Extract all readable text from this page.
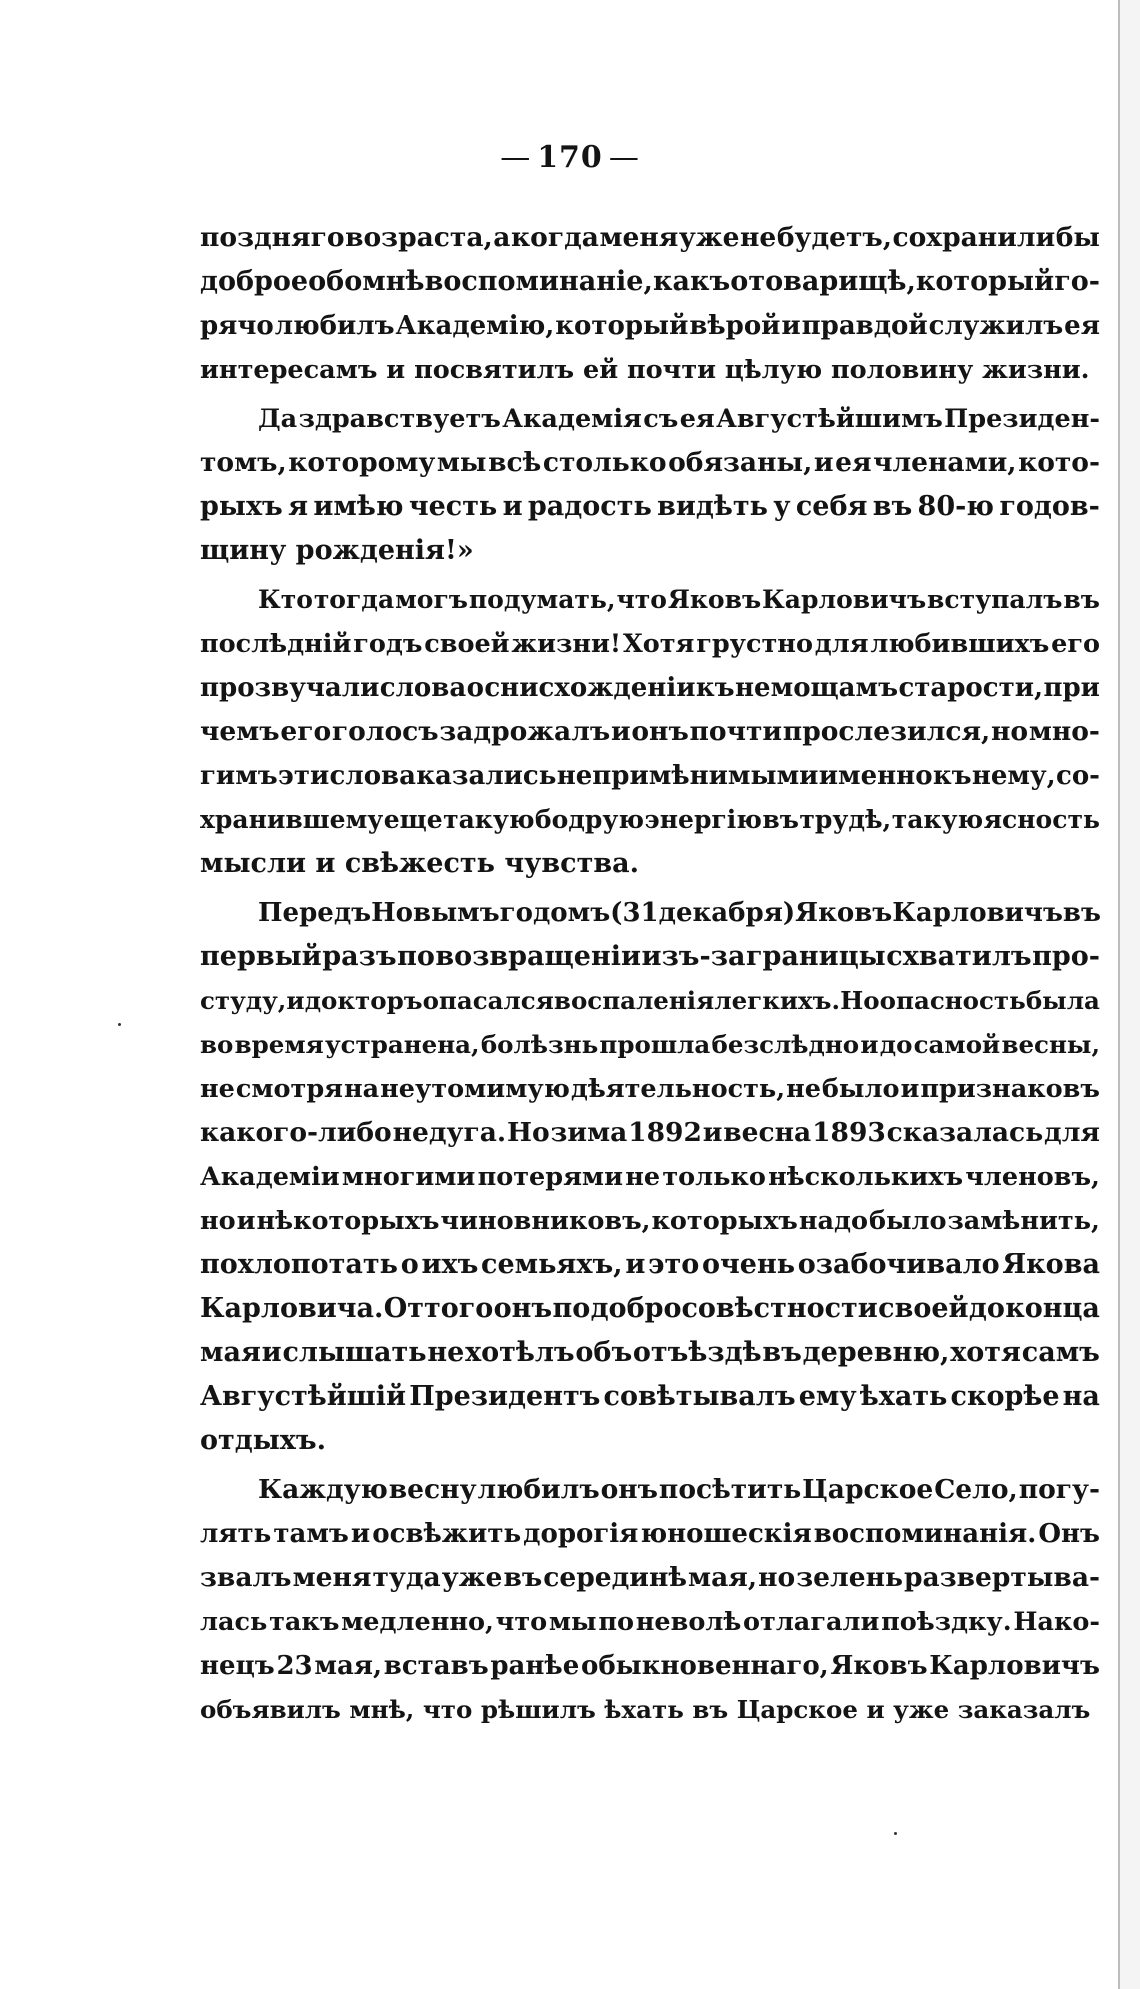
— 170 —
поздняго возраста, а когда меня уже не будетъ, сохранили бы
доброе обо мнѣ воспоминаніе, какъ о товарищѣ, который го-
рячо любилъ Академію, который вѣрой и правдой служилъ ея
интересамъ и посвятилъ ей почти цѣлую половину жизни.
Да здравствуетъ Академія съ ея Августѣйшимъ Президен-
томъ, которому мы всѣ столько обязаны, и ея членами, кото-
рыхъ я имѣю честь и радость видѣть у себя въ 80-ю годов-
щину рожденія!»
Кто тогда могъ подумать, что Яковъ Карловичъ вступалъ въ
послѣдній годъ своей жизни! Хотя грустно для любившихъ его
прозвучали слова о снисхожденіи къ немощамъ старости, при
чемъ его голосъ задрожалъ и онъ почти прослезился, но мно-
гимъ эти слова казались непримѣнимыми именно къ нему, со-
хранившему еще такую бодрую энергію въ трудѣ, такую ясность
мысли и свѣжесть чувства.
Передъ Новымъ годомъ (31 декабря) Яковъ Карловичъ въ
первый разъ по возвращеніи изъ-за границы схватилъ про-
студу, и докторъ опасался воспаленія легкихъ. Но опасность была
во время устранена, болѣзнь прошла безслѣдно и до самой весны,
не смотря на неутомимую дѣятельность, не было и признаковъ
какого-либо недуга. Но зима 1892 и весна 1893 сказалась для
Академіи многими потерями не только нѣсколькихъ членовъ,
но и нѣкоторыхъ чиновниковъ, которыхъ надо было замѣнить,
похлопотать о ихъ семьяхъ, и это очень озабочивало Якова
Карловича. Оттого онъ по добросовѣстности своей до конца
мая и слышать не хотѣлъ объ отъѣздѣ въ деревню, хотя самъ
Августѣйшій Президентъ совѣтывалъ ему ѣхать скорѣе на
отдыхъ.
Каждую весну любилъ онъ посѣтить Царское Село, погу-
лять тамъ и освѣжить дорогія юношескія воспоминанія. Онъ
звалъ меня туда уже въ серединѣ мая, но зелень развертыва-
лась такъ медленно, что мы по неволѣ отлагали поѣздку. Нако-
нецъ 23 мая, вставъ ранѣе обыкновеннаго, Яковъ Карловичъ
объявилъ мнѣ, что рѣшилъ ѣхать въ Царское и уже заказалъ
